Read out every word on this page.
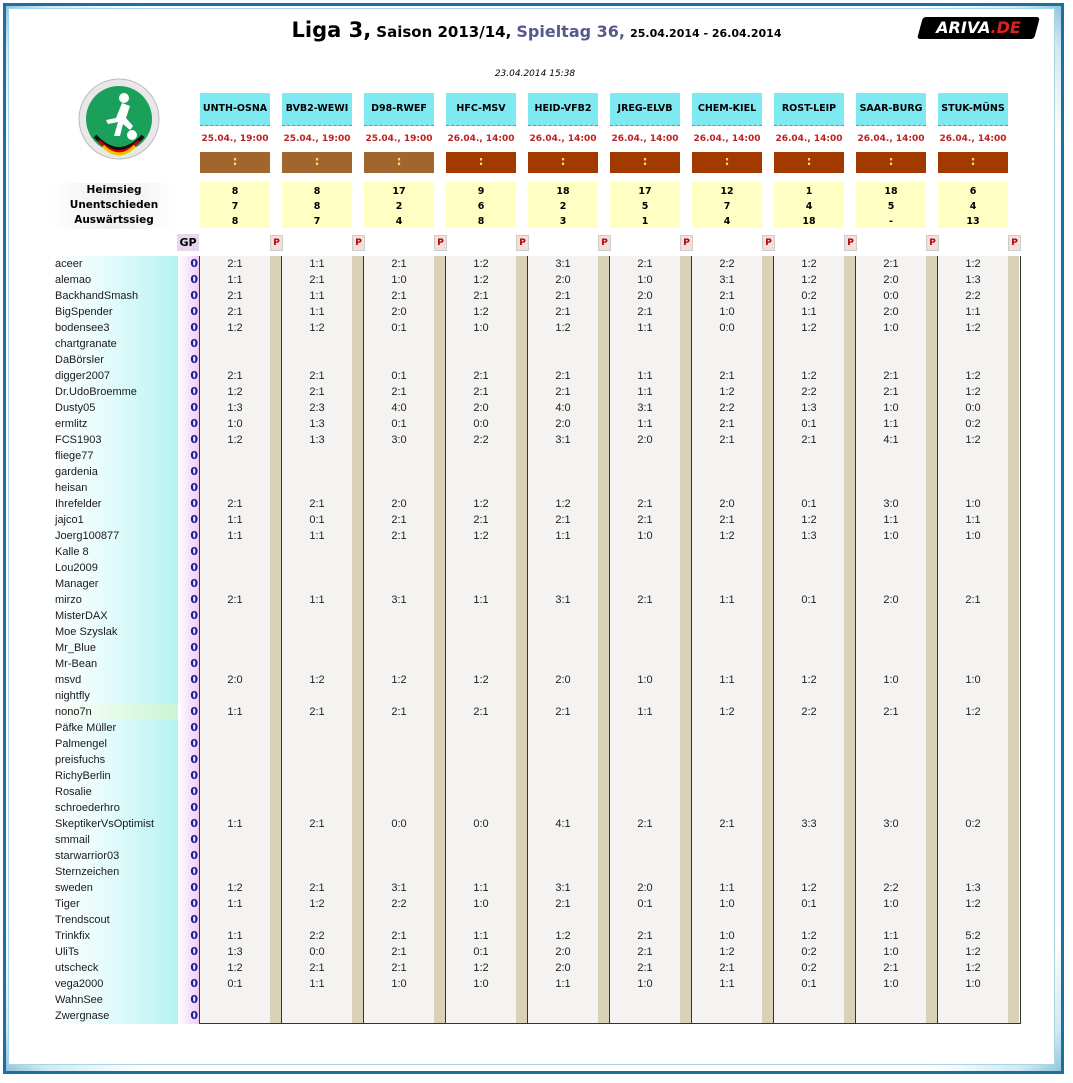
Liga 3, Saison 2013/14, Spieltag 36, 25.04.2014 - 26.04.2014	ARIVA.DE
23.04.2014 15:38
Heimsieg
Unentschieden
Auswärtssieg
GP
UNTH-OSNA
25.04., 19:00
:
8
7
8
P
BVB2-WEWI
25.04., 19:00
:
8
8
7
P
D98-RWEF
25.04., 19:00
:
17
2
4
P
HFC-MSV
26.04., 14:00
:
9
6
8
P
HEID-VFB2
26.04., 14:00
:
18
2
3
P
JREG-ELVB
26.04., 14:00
:
17
5
1
P
CHEM-KIEL
26.04., 14:00
:
12
7
4
P
ROST-LEIP
26.04., 14:00
:
1
4
18
P
SAAR-BURG
26.04., 14:00
:
18
5
-
P
STUK-MÜNS
26.04., 14:00
:
6
4
13
P
aceer
alemao
BackhandSmash
BigSpender
bodensee3
chartgranate
DaBörsler
digger2007
Dr.UdoBroemme
Dusty05
ermlitz
FCS1903
fliege77
gardenia
heisan
Ihrefelder
jajco1
Joerg100877
Kalle 8
Lou2009
Manager
mirzo
MisterDAX
Moe Szyslak
Mr_Blue
Mr-Bean
msvd
nightfly
nono7n
Päfke Müller
Palmengel
preisfuchs
RichyBerlin
Rosalie
schroederhro
SkeptikerVsOptimist
smmail
starwarrior03
Sternzeichen
sweden
Tiger
Trendscout
Trinkfix
UliTs
utscheck
vega2000
WahnSee
Zwergnase
0
0
0
0
0
0
0
0
0
0
0
0
0
0
0
0
0
0
0
0
0
0
0
0
0
0
0
0
0
0
0
0
0
0
0
0
0
0
0
0
0
0
0
0
0
0
0
0
2:1
1:1
2:1
2:1
1:2
2:1
1:2
1:3
1:0
1:2
2:1
1:1
1:1
2:1
2:0
1:1
1:1
1:2
1:1
1:1
1:3
1:2
0:1
1:1
2:1
1:1
1:1
1:2
2:1
2:1
2:3
1:3
1:3
2:1
0:1
1:1
1:1
1:2
2:1
2:1
2:1
1:2
2:2
0:0
2:1
1:1
2:1
1:0
2:1
2:0
0:1
0:1
2:1
4:0
0:1
3:0
2:0
2:1
2:1
3:1
1:2
2:1
0:0
3:1
2:2
2:1
2:1
2:1
1:0
1:2
1:2
2:1
1:2
1:0
2:1
2:1
2:0
0:0
2:2
1:2
2:1
1:2
1:1
1:2
2:1
0:0
1:1
1:0
1:1
0:1
1:2
1:0
3:1
2:0
2:1
2:1
1:2
2:1
2:1
4:0
2:0
3:1
1:2
2:1
1:1
3:1
2:0
2:1
4:1
3:1
2:1
1:2
2:0
2:0
1:1
2:1
1:0
2:0
2:1
1:1
1:1
1:1
3:1
1:1
2:0
2:1
2:1
1:0
2:1
1:0
1:1
2:1
2:0
0:1
2:1
2:1
2:1
1:0
2:2
3:1
2:1
1:0
0:0
2:1
1:2
2:2
2:1
2:1
2:0
2:1
1:2
1:1
1:1
1:2
2:1
1:1
1:0
1:0
1:2
2:1
1:1
1:2
1:2
0:2
1:1
1:2
1:2
2:2
1:3
0:1
2:1
0:1
1:2
1:3
0:1
1:2
2:2
3:3
1:2
0:1
1:2
0:2
0:2
0:1
2:1
2:0
0:0
2:0
1:0
2:1
2:1
1:0
1:1
4:1
3:0
1:1
1:0
2:0
1:0
2:1
3:0
2:2
1:0
1:1
1:0
2:1
1:0
1:2
1:3
2:2
1:1
1:2
1:2
1:2
0:0
0:2
1:2
1:0
1:1
1:0
2:1
1:0
1:2
0:2
1:3
1:2
5:2
1:2
1:2
1:0
